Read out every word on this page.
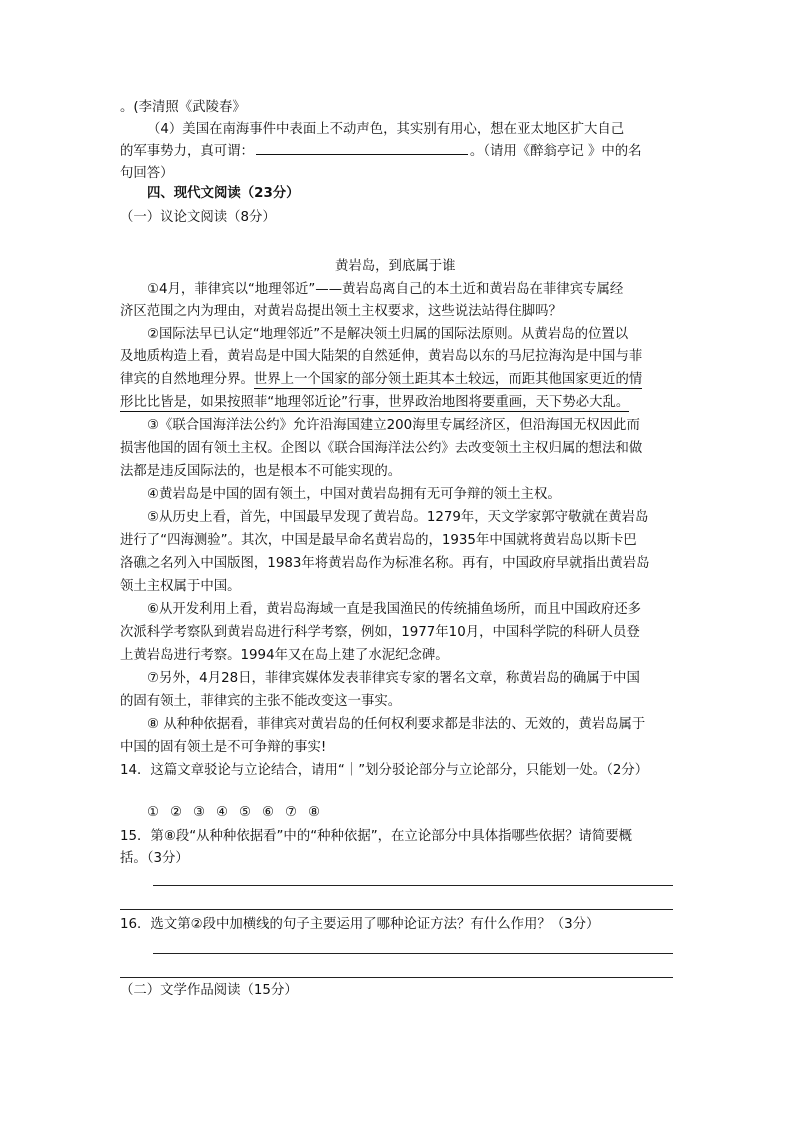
。(李清照《武陵春》
（4）美国在南海事件中表面上不动声色，其实别有用心，想在亚太地区扩大自己
的军事势力，真可谓：	。（请用《醉翁亭记 》中的名
句回答）
四、现代文阅读（23分）
（一）议论文阅读（8分）
黄岩岛，到底属于谁
①4月，菲律宾以“地理邻近”——黄岩岛离自己的本土近和黄岩岛在菲律宾专属经
济区范围之内为理由，对黄岩岛提出领土主权要求，这些说法站得住脚吗？
②国际法早已认定“地理邻近”不是解决领土归属的国际法原则。从黄岩岛的位置以
及地质构造上看，黄岩岛是中国大陆架的自然延伸，黄岩岛以东的马尼拉海沟是中国与菲
律宾的自然地理分界。世界上一个国家的部分领土距其本土较远，而距其他国家更近的情
形比比皆是，如果按照菲“地理邻近论”行事，世界政治地图将要重画，天下势必大乱。
③《联合国海洋法公约》允许沿海国建立200海里专属经济区，但沿海国无权因此而
损害他国的固有领土主权。企图以《联合国海洋法公约》去改变领土主权归属的想法和做
法都是违反国际法的，也是根本不可能实现的。
④黄岩岛是中国的固有领土，中国对黄岩岛拥有无可争辩的领土主权。
⑤从历史上看，首先，中国最早发现了黄岩岛。1279年，天文学家郭守敬就在黄岩岛
进行了“四海测验”。其次，中国是最早命名黄岩岛的，1935年中国就将黄岩岛以斯卡巴
洛礁之名列入中国版图，1983年将黄岩岛作为标准名称。再有，中国政府早就指出黄岩岛
领土主权属于中国。
⑥从开发利用上看，黄岩岛海域一直是我国渔民的传统捕鱼场所，而且中国政府还多
次派科学考察队到黄岩岛进行科学考察，例如，1977年10月，中国科学院的科研人员登
上黄岩岛进行考察。1994年又在岛上建了水泥纪念碑。
⑦另外，4月28日，菲律宾媒体发表菲律宾专家的署名文章，称黄岩岛的确属于中国
的固有领土，菲律宾的主张不能改变这一事实。
⑧ 从种种依据看，菲律宾对黄岩岛的任何权利要求都是非法的、无效的，黄岩岛属于
中国的固有领土是不可争辩的事实!
14．这篇文章驳论与立论结合，请用“｜”划分驳论部分与立论部分，只能划一处。（2分）
① ② ③ ④ ⑤ ⑥ ⑦ ⑧
15．第⑧段“从种种依据看”中的“种种依据”，在立论部分中具体指哪些依据？请简要概
括。（3分）
16．选文第②段中加横线的句子主要运用了哪种论证方法？有什么作用？（3分）
（二）文学作品阅读（15分）
